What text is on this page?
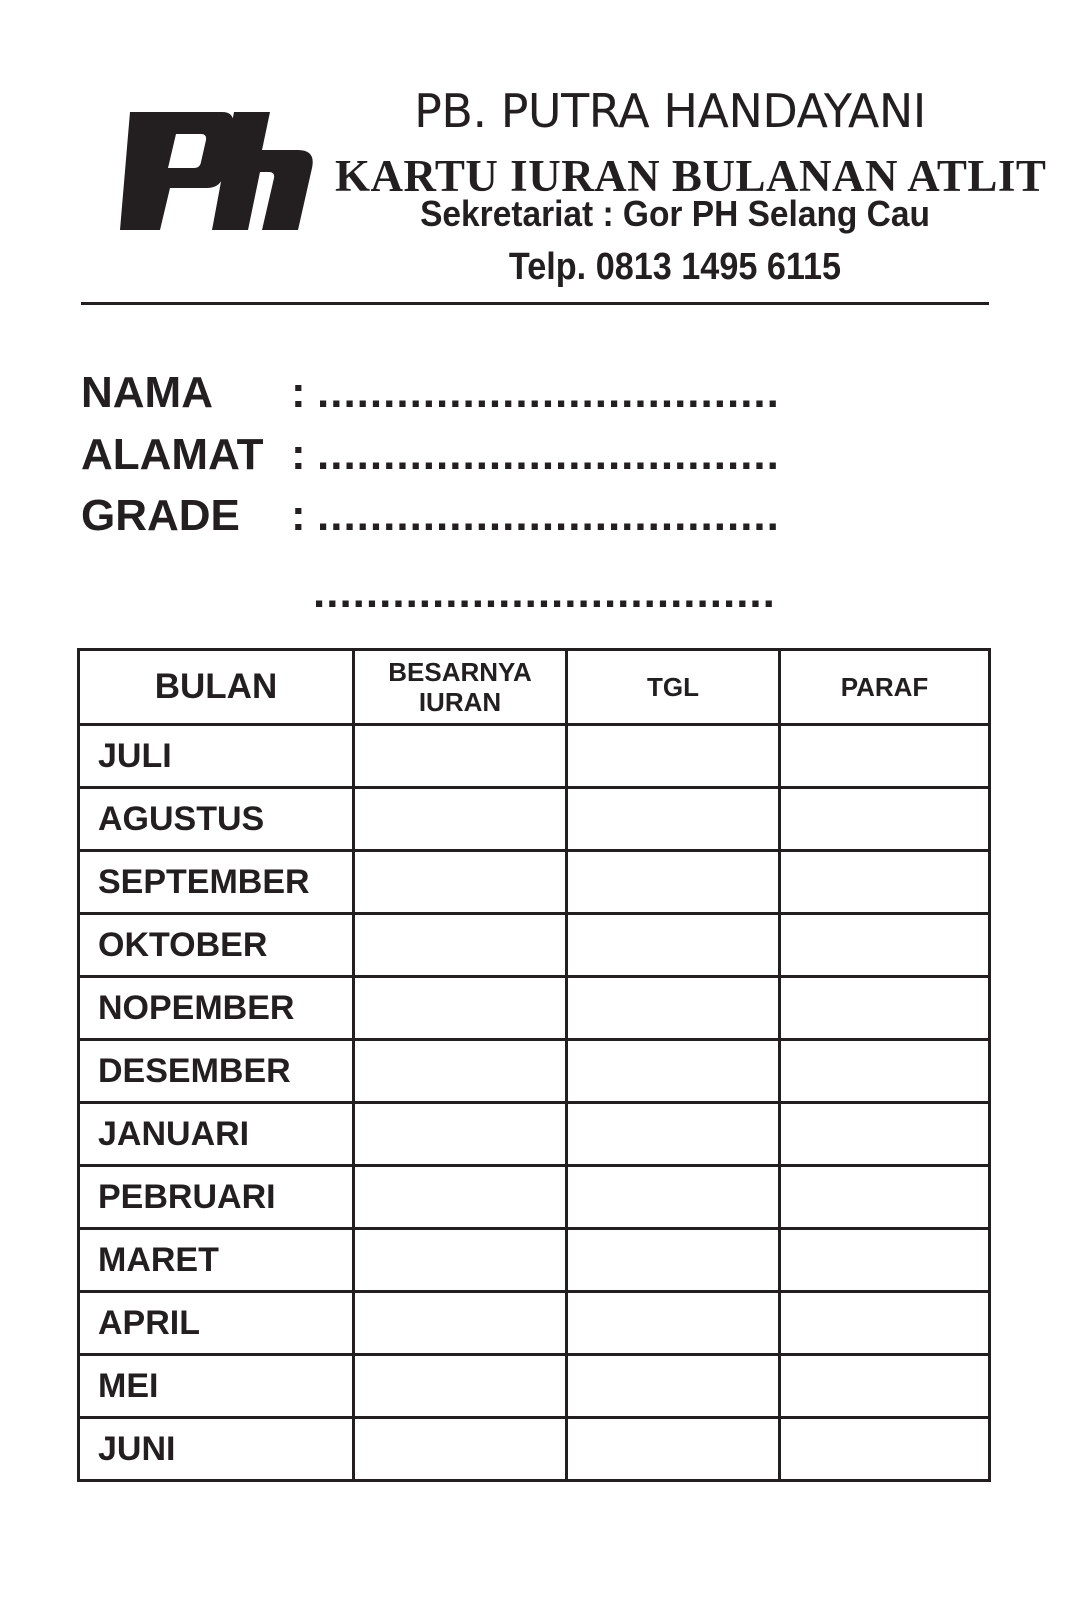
PB. PUTRA HANDAYANI
KARTU IURAN BULANAN ATLIT
Sekretariat : Gor PH Selang Cau
Telp. 0813 1495 6115
NAMA : ...................................
ALAMAT : ...................................
GRADE : ...................................
...................................
BULAN	BESARNYA IURAN	TGL	PARAF
JULI			
AGUSTUS			
SEPTEMBER			
OKTOBER			
NOPEMBER			
DESEMBER			
JANUARI			
PEBRUARI			
MARET			
APRIL			
MEI			
JUNI			
